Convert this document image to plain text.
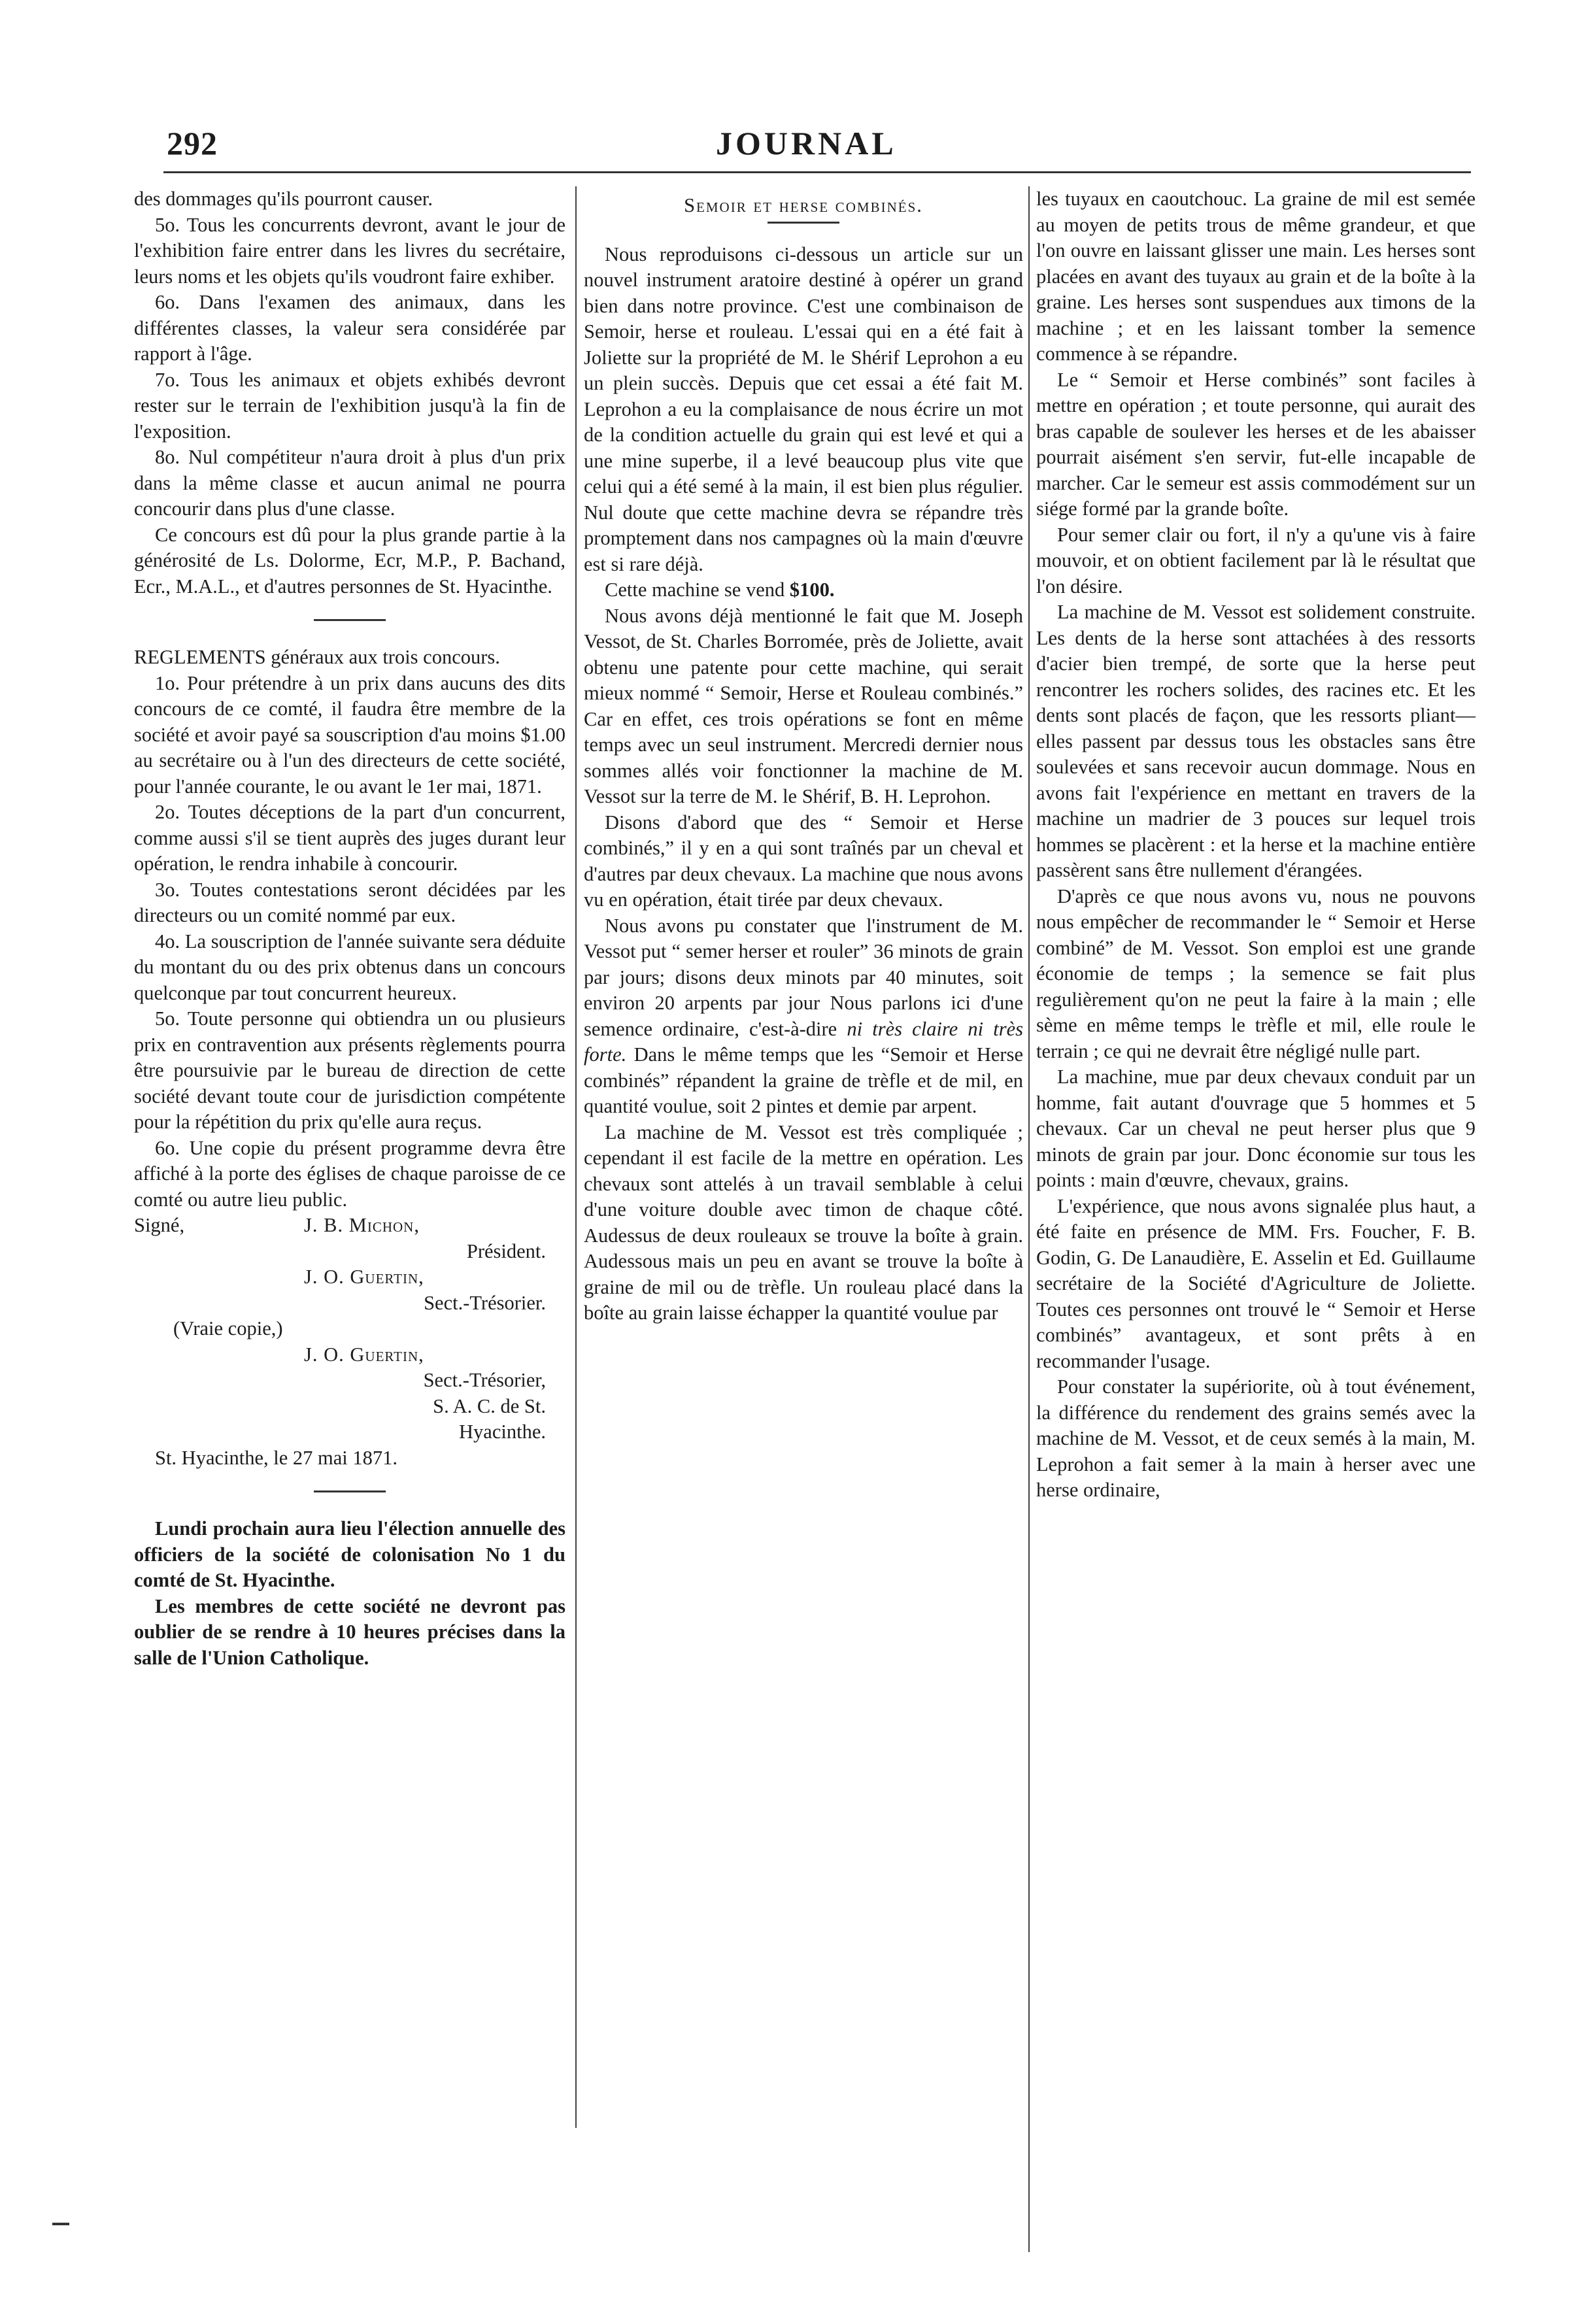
292	JOURNAL

des dommages qu'ils pourront causer.

5o. Tous les concurrents devront, avant le jour de l'exhibition faire entrer dans les livres du secrétaire, leurs noms et les objets qu'ils voudront faire exhiber.

6o. Dans l'examen des animaux, dans les différentes classes, la valeur sera considérée par rapport à l'âge.

7o. Tous les animaux et objets exhibés devront rester sur le terrain de l'exhibition jusqu'à la fin de l'exposition.

8o. Nul compétiteur n'aura droit à plus d'un prix dans la même classe et aucun animal ne pourra concourir dans plus d'une classe.

Ce concours est dû pour la plus grande partie à la générosité de Ls. Dolorme, Ecr, M.P., P. Bachand, Ecr., M.A.L., et d'autres personnes de St. Hyacinthe.

REGLEMENTS généraux aux trois concours.

1o. Pour prétendre à un prix dans aucuns des dits concours de ce comté, il faudra être membre de la société et avoir payé sa souscription d'au moins $1.00 au secrétaire ou à l'un des directeurs de cette société, pour l'année courante, le ou avant le 1er mai, 1871.

2o. Toutes déceptions de la part d'un concurrent, comme aussi s'il se tient auprès des juges durant leur opération, le rendra inhabile à concourir.

3o. Toutes contestations seront décidées par les directeurs ou un comité nommé par eux.

4o. La souscription de l'année suivante sera déduite du montant du ou des prix obtenus dans un concours quelconque par tout concurrent heureux.

5o. Toute personne qui obtiendra un ou plusieurs prix en contravention aux présents règlements pourra être poursuivie par le bureau de direction de cette société devant toute cour de jurisdiction compétente pour la répétition du prix qu'elle aura reçus.

6o. Une copie du présent programme devra être affiché à la porte des églises de chaque paroisse de ce comté ou autre lieu public.

Signé,	J. B. Michon,
Président.
J. O. Guertin,
Sect.-Trésorier.
(Vraie copie,)
J. O. Guertin,
Sect.-Trésorier,
S. A. C. de St.
Hyacinthe.

St. Hyacinthe, le 27 mai 1871.

Lundi prochain aura lieu l'élection annuelle des officiers de la société de colonisation No 1 du comté de St. Hyacinthe.

Les membres de cette société ne devront pas oublier de se rendre à 10 heures précises dans la salle de l'Union Catholique.

Semoir et herse combinés.

Nous reproduisons ci-dessous un article sur un nouvel instrument aratoire destiné à opérer un grand bien dans notre province. C'est une combinaison de Semoir, herse et rouleau. L'essai qui en a été fait à Joliette sur la propriété de M. le Shérif Leprohon a eu un plein succès. Depuis que cet essai a été fait M. Leprohon a eu la complaisance de nous écrire un mot de la condition actuelle du grain qui est levé et qui a une mine superbe, il a levé beaucoup plus vite que celui qui a été semé à la main, il est bien plus régulier. Nul doute que cette machine devra se répandre très promptement dans nos campagnes où la main d'œuvre est si rare déjà.

Cette machine se vend $100.

Nous avons déjà mentionné le fait que M. Joseph Vessot, de St. Charles Borromée, près de Joliette, avait obtenu une patente pour cette machine, qui serait mieux nommé “ Semoir, Herse et Rouleau combinés.” Car en effet, ces trois opérations se font en même temps avec un seul instrument. Mercredi dernier nous sommes allés voir fonctionner la machine de M. Vessot sur la terre de M. le Shérif, B. H. Leprohon.

Disons d'abord que des “ Semoir et Herse combinés,” il y en a qui sont traînés par un cheval et d'autres par deux chevaux. La machine que nous avons vu en opération, était tirée par deux chevaux.

Nous avons pu constater que l'instrument de M. Vessot put “ semer herser et rouler” 36 minots de grain par jours; disons deux minots par 40 minutes, soit environ 20 arpents par jour Nous parlons ici d'une semence ordinaire, c'est-à-dire ni très claire ni très forte. Dans le même temps que les “Semoir et Herse combinés” répandent la graine de trèfle et de mil, en quantité voulue, soit 2 pintes et demie par arpent.

La machine de M. Vessot est très compliquée ; cependant il est facile de la mettre en opération. Les chevaux sont attelés à un travail semblable à celui d'une voiture double avec timon de chaque côté. Audessus de deux rouleaux se trouve la boîte à grain. Audessous mais un peu en avant se trouve la boîte à graine de mil ou de trèfle. Un rouleau placé dans la boîte au grain laisse échapper la quantité voulue par

les tuyaux en caoutchouc. La graine de mil est semée au moyen de petits trous de même grandeur, et que l'on ouvre en laissant glisser une main. Les herses sont placées en avant des tuyaux au grain et de la boîte à la graine. Les herses sont suspendues aux timons de la machine ; et en les laissant tomber la semence commence à se répandre.

Le “ Semoir et Herse combinés” sont faciles à mettre en opération ; et toute personne, qui aurait des bras capable de soulever les herses et de les abaisser pourrait aisément s'en servir, fut-elle incapable de marcher. Car le semeur est assis commodément sur un siége formé par la grande boîte.

Pour semer clair ou fort, il n'y a qu'une vis à faire mouvoir, et on obtient facilement par là le résultat que l'on désire.

La machine de M. Vessot est solidement construite. Les dents de la herse sont attachées à des ressorts d'acier bien trempé, de sorte que la herse peut rencontrer les rochers solides, des racines etc. Et les dents sont placés de façon, que les ressorts pliant—elles passent par dessus tous les obstacles sans être soulevées et sans recevoir aucun dommage. Nous en avons fait l'expérience en mettant en travers de la machine un madrier de 3 pouces sur lequel trois hommes se placèrent : et la herse et la machine entière passèrent sans être nullement d'érangées.

D'après ce que nous avons vu, nous ne pouvons nous empêcher de recommander le “ Semoir et Herse combiné” de M. Vessot. Son emploi est une grande économie de temps ; la semence se fait plus regulièrement qu'on ne peut la faire à la main ; elle sème en même temps le trèfle et mil, elle roule le terrain ; ce qui ne devrait être négligé nulle part.

La machine, mue par deux chevaux conduit par un homme, fait autant d'ouvrage que 5 hommes et 5 chevaux. Car un cheval ne peut herser plus que 9 minots de grain par jour. Donc économie sur tous les points : main d'œuvre, chevaux, grains.

L'expérience, que nous avons signalée plus haut, a été faite en présence de MM. Frs. Foucher, F. B. Godin, G. De Lanaudière, E. Asselin et Ed. Guillaume secrétaire de la Société d'Agriculture de Joliette. Toutes ces personnes ont trouvé le “ Semoir et Herse combinés” avantageux, et sont prêts à en recommander l'usage.

Pour constater la supériorite, où à tout événement, la différence du rendement des grains semés avec la machine de M. Vessot, et de ceux semés à la main, M. Leprohon a fait semer à la main à herser avec une herse ordinaire,
